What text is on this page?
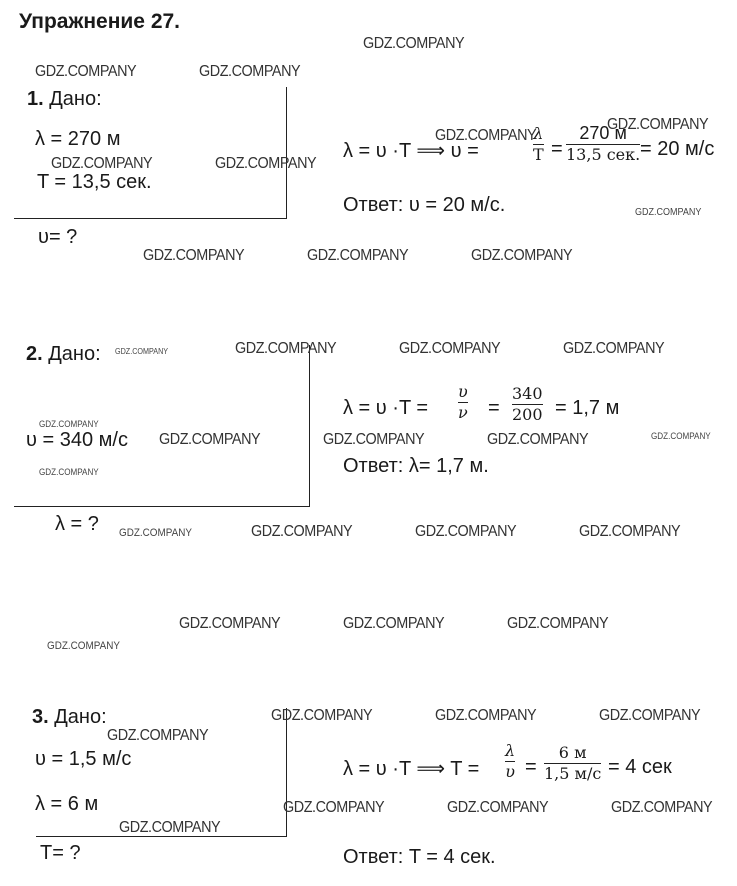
Упражнение 27.
1. Дано:
λ = 270 м
T = 13,5 сек.
υ= ?
λ = υ ·T ⟹ υ =
λ
T =
270 м
13,5 сек. = 20 м/с
Ответ: υ = 20 м/с.
2. Дано:
υ = 340 м/с
λ = ?
λ = υ ·T =
υ
ν =
340
200 = 1,7 м
Ответ: λ= 1,7 м.
3. Дано:
υ = 1,5 м/с
λ = 6 м
T= ?
λ = υ ·T ⟹ T =
λ
υ =
6 м
1,5 м/с = 4 сек
Ответ: T = 4 сек.
GDZ.COMPANY
GDZ.COMPANY	GDZ.COMPANY
GDZ.COMPANY
GDZ.COMPANY
GDZ.COMPANY	GDZ.COMPANY
GDZ.COMPANY
GDZ.COMPANY	GDZ.COMPANY	GDZ.COMPANY
GDZ.COMPANY	GDZ.COMPANY	GDZ.COMPANY	GDZ.COMPANY
GDZ.COMPANY
GDZ.COMPANY	GDZ.COMPANY	GDZ.COMPANY	GDZ.COMPANY
GDZ.COMPANY
GDZ.COMPANY	GDZ.COMPANY	GDZ.COMPANY	GDZ.COMPANY
GDZ.COMPANY	GDZ.COMPANY	GDZ.COMPANY
GDZ.COMPANY
GDZ.COMPANY	GDZ.COMPANY	GDZ.COMPANY
GDZ.COMPANY
GDZ.COMPANY	GDZ.COMPANY	GDZ.COMPANY
GDZ.COMPANY
